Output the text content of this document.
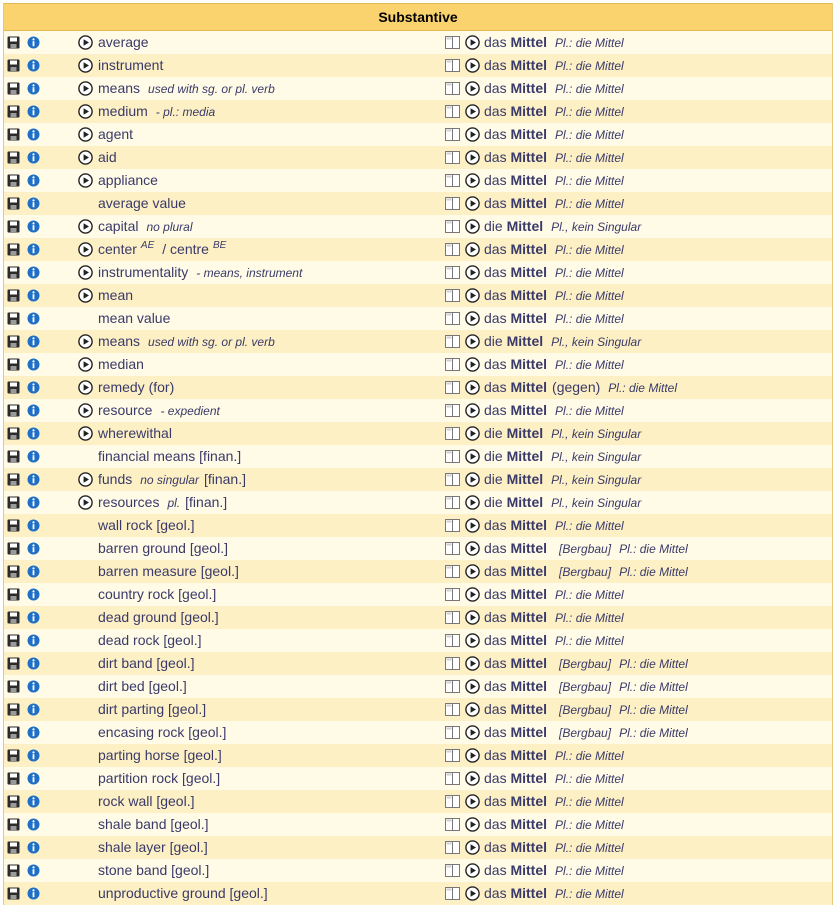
Substantive
average	das Mittel Pl.: die Mittel
instrument	das Mittel Pl.: die Mittel
means used with sg. or pl. verb	das Mittel Pl.: die Mittel
medium - pl.: media	das Mittel Pl.: die Mittel
agent	das Mittel Pl.: die Mittel
aid	das Mittel Pl.: die Mittel
appliance	das Mittel Pl.: die Mittel
average value	das Mittel Pl.: die Mittel
capital no plural	die Mittel Pl., kein Singular
center $^{AE}$ / centre $^{BE}$	das Mittel Pl.: die Mittel
instrumentality - means, instrument	das Mittel Pl.: die Mittel
mean	das Mittel Pl.: die Mittel
mean value	das Mittel Pl.: die Mittel
means used with sg. or pl. verb	die Mittel Pl., kein Singular
median	das Mittel Pl.: die Mittel
remedy (for)	das Mittel (gegen) Pl.: die Mittel
resource - expedient	das Mittel Pl.: die Mittel
wherewithal	die Mittel Pl., kein Singular
financial means [finan.]	die Mittel Pl., kein Singular
funds no singular [finan.]	die Mittel Pl., kein Singular
resources pl. [finan.]	die Mittel Pl., kein Singular
wall rock [geol.]	das Mittel Pl.: die Mittel
barren ground [geol.]	das Mittel [Bergbau] Pl.: die Mittel
barren measure [geol.]	das Mittel [Bergbau] Pl.: die Mittel
country rock [geol.]	das Mittel Pl.: die Mittel
dead ground [geol.]	das Mittel Pl.: die Mittel
dead rock [geol.]	das Mittel Pl.: die Mittel
dirt band [geol.]	das Mittel [Bergbau] Pl.: die Mittel
dirt bed [geol.]	das Mittel [Bergbau] Pl.: die Mittel
dirt parting [geol.]	das Mittel [Bergbau] Pl.: die Mittel
encasing rock [geol.]	das Mittel [Bergbau] Pl.: die Mittel
parting horse [geol.]	das Mittel Pl.: die Mittel
partition rock [geol.]	das Mittel Pl.: die Mittel
rock wall [geol.]	das Mittel Pl.: die Mittel
shale band [geol.]	das Mittel Pl.: die Mittel
shale layer [geol.]	das Mittel Pl.: die Mittel
stone band [geol.]	das Mittel Pl.: die Mittel
unproductive ground [geol.]	das Mittel Pl.: die Mittel
